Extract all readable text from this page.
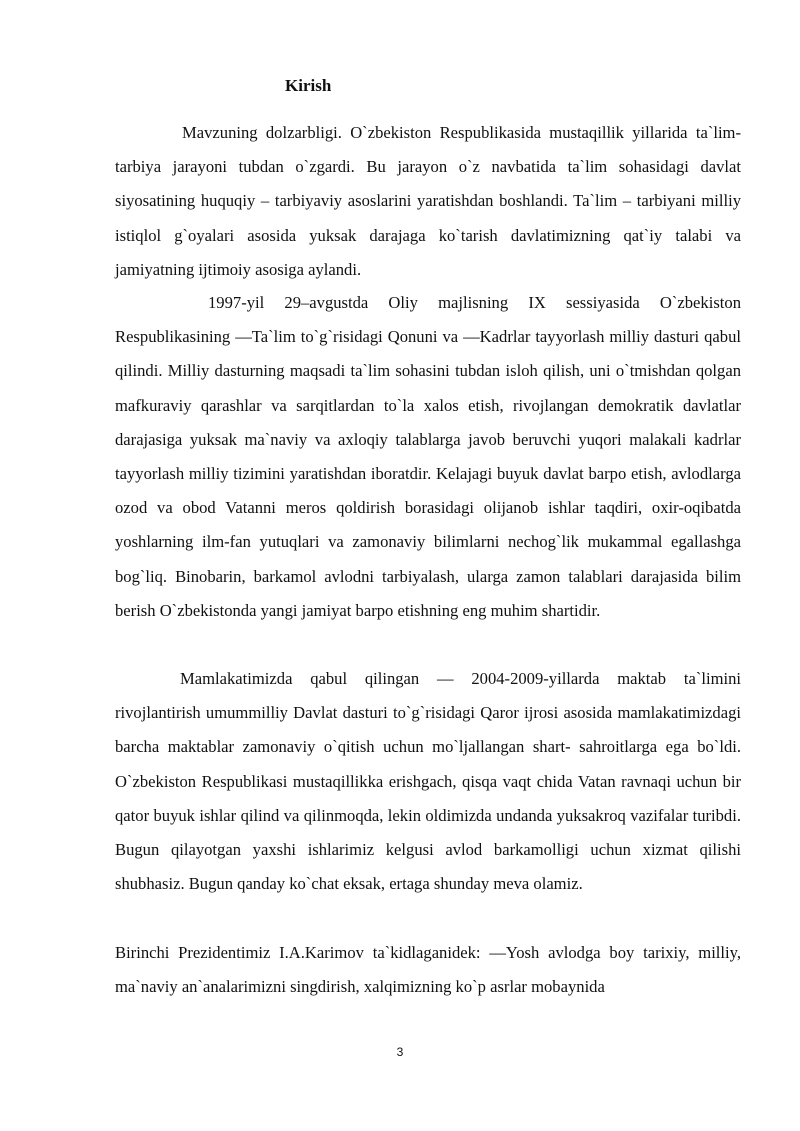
Kirish

Mavzuning dolzarbligi. O`zbekiston Respublikasida mustaqillik yillarida ta`lim-tarbiya jarayoni tubdan o`zgardi. Bu jarayon o`z navbatida ta`lim sohasidagi davlat siyosatining huquqiy – tarbiyaviy asoslarini yaratishdan boshlandi. Ta`lim – tarbiyani milliy istiqlol g`oyalari asosida yuksak darajaga ko`tarish davlatimizning qat`iy talabi va jamiyatning ijtimoiy asosiga aylandi.

1997-yil 29–avgustda Oliy majlisning IX sessiyasida O`zbekiston Respublikasining —Ta`lim to`g`risidagi Qonuni va —Kadrlar tayyorlash milliy dasturi qabul qilindi. Milliy dasturning maqsadi ta`lim sohasini tubdan isloh qilish, uni o`tmishdan qolgan mafkuraviy qarashlar va sarqitlardan to`la xalos etish, rivojlangan demokratik davlatlar darajasiga yuksak ma`naviy va axloqiy talablarga javob beruvchi yuqori malakali kadrlar tayyorlash milliy tizimini yaratishdan iboratdir. Kelajagi buyuk davlat barpo etish, avlodlarga ozod va obod Vatanni meros qoldirish borasidagi olijanob ishlar taqdiri, oxir-oqibatda yoshlarning ilm-fan yutuqlari va zamonaviy bilimlarni nechog`lik mukammal egallashga bog`liq. Binobarin, barkamol avlodni tarbiyalash, ularga zamon talablari darajasida bilim berish O`zbekistonda yangi jamiyat barpo etishning eng muhim shartidir.

Mamlakatimizda qabul qilingan — 2004-2009-yillarda maktab ta`limini rivojlantirish umummilliy Davlat dasturi to`g`risidagi Qaror ijrosi asosida mamlakatimizdagi barcha maktablar zamonaviy o`qitish uchun mo`ljallangan shart- sahroitlarga ega bo`ldi. O`zbekiston Respublikasi mustaqillikka erishgach, qisqa vaqt chida Vatan ravnaqi uchun bir qator buyuk ishlar qilind va qilinmoqda, lekin oldimizda undanda yuksakroq vazifalar turibdi. Bugun qilayotgan yaxshi ishlarimiz kelgusi avlod barkamolligi uchun xizmat qilishi shubhasiz. Bugun qanday ko`chat eksak, ertaga shunday meva olamiz.

Birinchi Prezidentimiz I.A.Karimov ta`kidlaganidek: —Yosh avlodga boy tarixiy, milliy, ma`naviy an`analarimizni singdirish, xalqimizning ko`p asrlar mobaynida

3
